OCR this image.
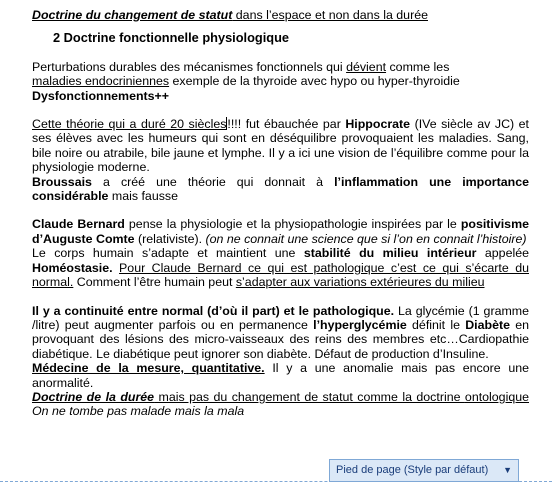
Doctrine du changement de statut dans l’espace et non dans la durée

2 Doctrine fonctionnelle physiologique

Perturbations durables des mécanismes fonctionnels qui dévient comme les
maladies endocriniennes exemple de la thyroide avec hypo ou hyper-thyroidie
Dysfonctionnements++

Cette théorie qui a duré 20 siècles!!!! fut ébauchée par Hippocrate (IVe siècle av JC) et ses élèves avec les humeurs qui sont en déséquilibre provoquaient les maladies. Sang, bile noire ou atrabile, bile jaune et lymphe. Il y a ici une vision de l’équilibre comme pour la physiologie moderne.

Broussais a créé une théorie qui donnait à l’inflammation une importance considérable mais fausse

Claude Bernard pense la physiologie et la physiopathologie inspirées par le positivisme d’Auguste Comte (relativiste). (on ne connait une science que si l’on en connait l’histoire)

Le corps humain s’adapte et maintient une stabilité du milieu intérieur appelée Homéostasie. Pour Claude Bernard ce qui est pathologique c’est ce qui s’écarte du normal. Comment l’être humain peut s’adapter aux variations extérieures du milieu

Il y a continuité entre normal (d’où il part) et le pathologique. La glycémie (1 gramme /litre) peut augmenter parfois ou en permanence l’hyperglycémie définit le Diabète en provoquant des lésions des micro-vaisseaux des reins des membres etc…Cardiopathie diabétique. Le diabétique peut ignorer son diabète. Défaut de production d’Insuline.

Médecine de la mesure, quantitative. Il y a une anomalie mais pas encore une anormalité.

Doctrine de la durée mais pas du changement de statut comme la doctrine ontologique On ne tombe pas malade mais la mala

Pied de page (Style par défaut) ▼
